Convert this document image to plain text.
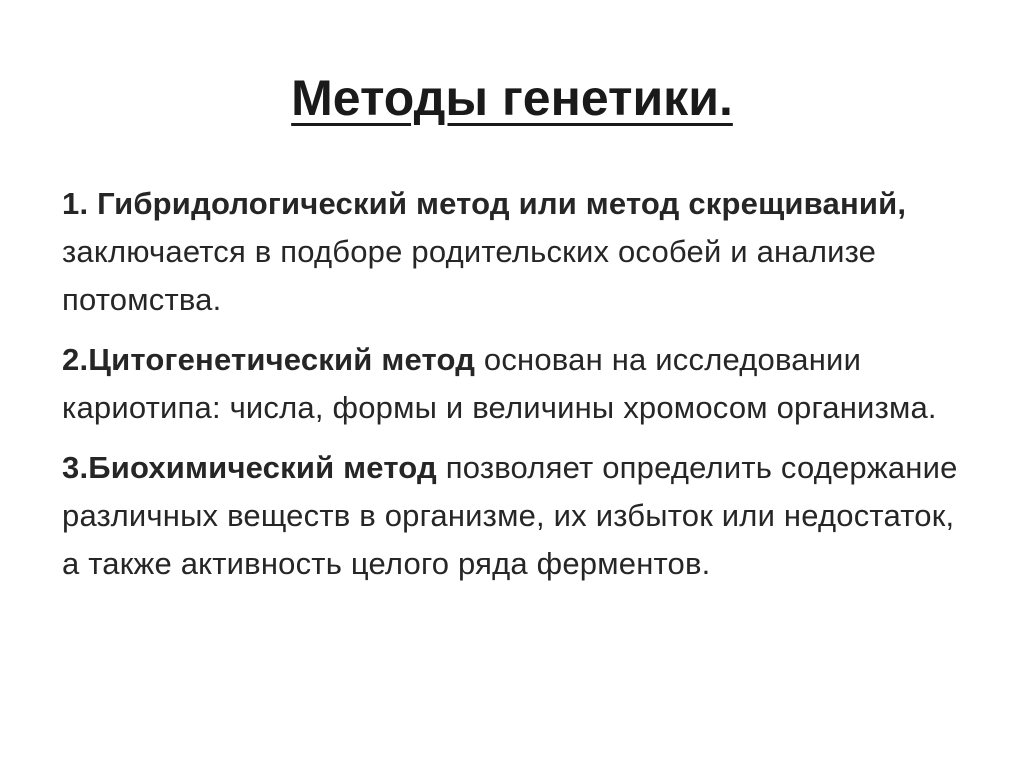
Методы генетики.
1. Гибридологический метод или метод скрещиваний, заключается в подборе родительских особей и анализе потомства.
2.Цитогенетический метод основан на исследовании кариотипа: числа, формы и величины хромосом организма.
3.Биохимический метод позволяет определить содержание различных веществ в организме, их избыток или недостаток, а также активность целого ряда ферментов.
